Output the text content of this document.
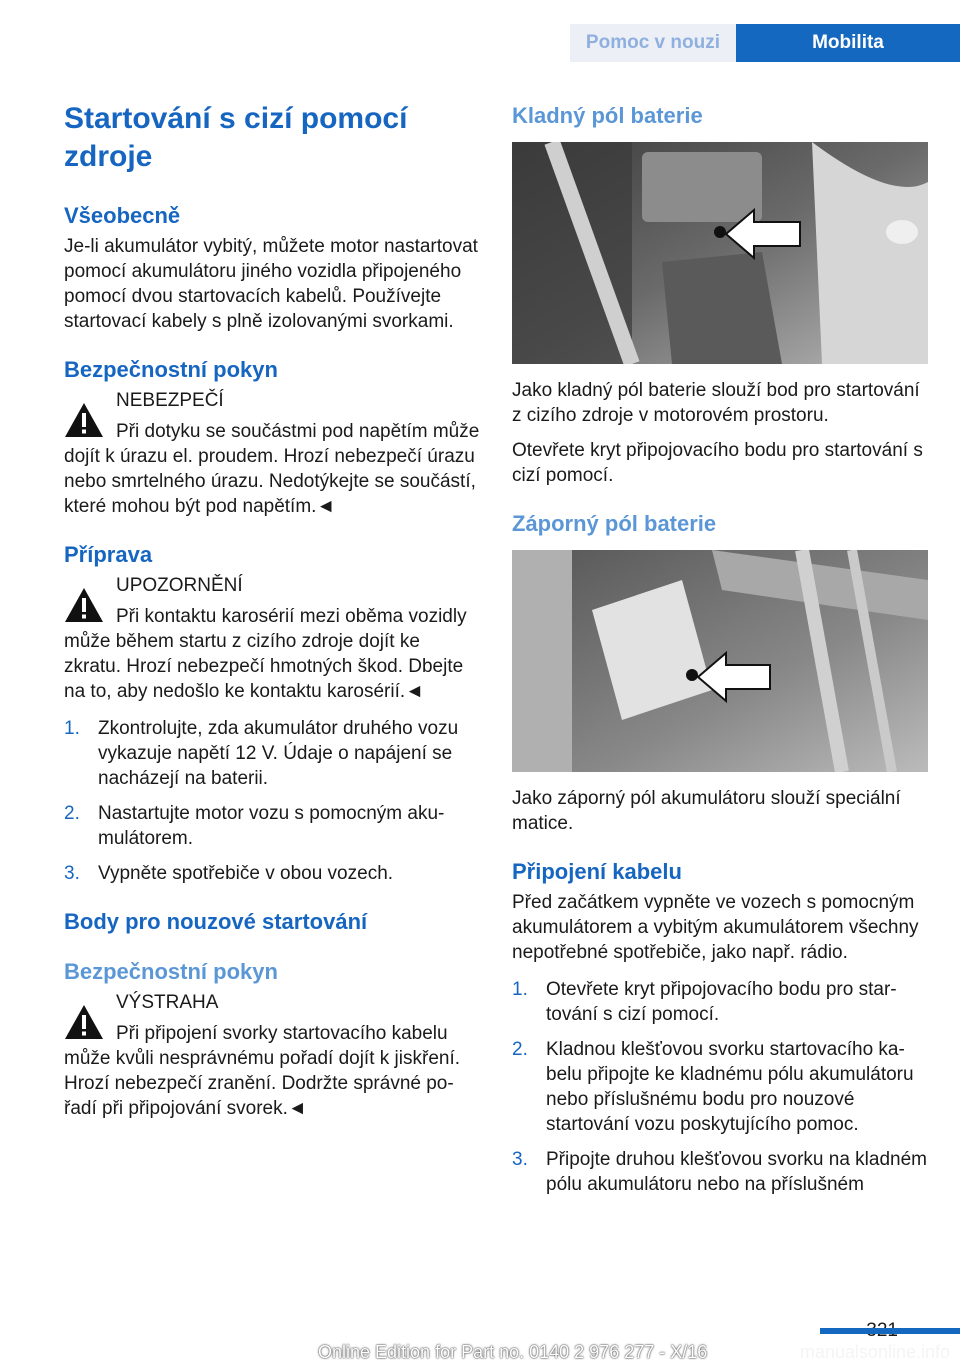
Pomoc v nouzi	Mobilita
Startování s cizí pomocí zdroje
Všeobecně
Je-li akumulátor vybitý, můžete motor nastartovat pomocí akumulátoru jiného vozidla připojeného pomocí dvou startovacích kabelů. Používejte startovací kabely s plně izolovanými svorkami.
Bezpečnostní pokyn
NEBEZPEČÍ
Při dotyku se součástmi pod napětím může dojít k úrazu el. proudem. Hrozí nebezpečí úrazu nebo smrtelného úrazu. Nedotýkejte se součástí, které mohou být pod napětím.◄
Příprava
UPOZORNĚNÍ
Při kontaktu karosérií mezi oběma vozidly může během startu z cizího zdroje dojít ke zkratu. Hrozí nebezpečí hmotných škod. Dbejte na to, aby nedošlo ke kontaktu karosérií.◄
1. Zkontrolujte, zda akumulátor druhého vozu vykazuje napětí 12 V. Údaje o napájení se nacházejí na baterii.
2. Nastartujte motor vozu s pomocným akumulátorem.
3. Vypněte spotřebiče v obou vozech.
Body pro nouzové startování
Bezpečnostní pokyn
VÝSTRAHA
Při připojení svorky startovacího kabelu může kvůli nesprávnému pořadí dojít k jiskření. Hrozí nebezpečí zranění. Dodržte správné pořadí při připojování svorek.◄
Kladný pól baterie
Jako kladný pól baterie slouží bod pro startování z cizího zdroje v motorovém prostoru.
Otevřete kryt připojovacího bodu pro startování s cizí pomocí.
Záporný pól baterie
Jako záporný pól akumulátoru slouží speciální matice.
Připojení kabelu
Před začátkem vypněte ve vozech s pomocným akumulátorem a vybitým akumulátorem všechny nepotřebné spotřebiče, jako např. rádio.
1. Otevřete kryt připojovacího bodu pro startování s cizí pomocí.
2. Kladnou klešťovou svorku startovacího kabelu připojte ke kladnému pólu akumulátoru nebo příslušnému bodu pro nouzové startování vozu poskytujícího pomoc.
3. Připojte druhou klešťovou svorku na kladném pólu akumulátoru nebo na příslušném
Online Edition for Part no. 0140 2 976 277 - X/16	manualsonline.info
